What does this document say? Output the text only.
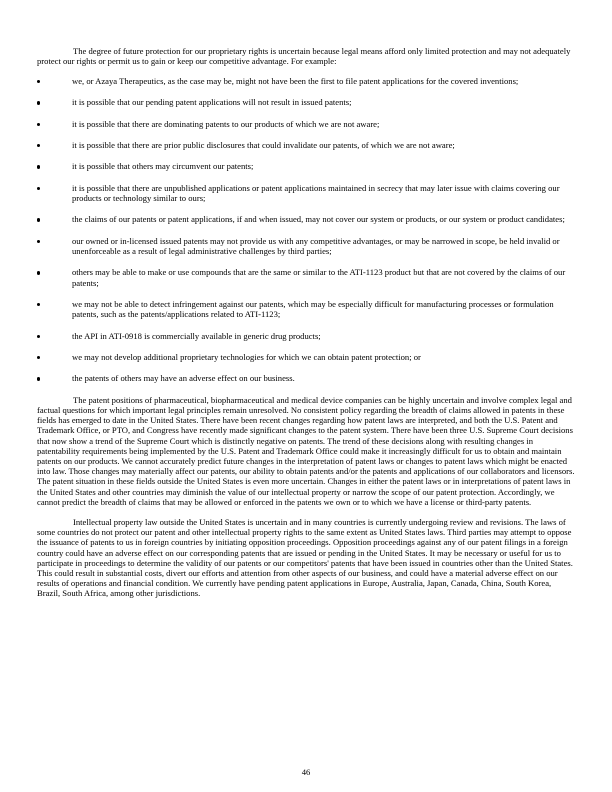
The degree of future protection for our proprietary rights is uncertain because legal means afford only limited protection and may not adequately protect our rights or permit us to gain or keep our competitive advantage. For example:

we, or Azaya Therapeutics, as the case may be, might not have been the first to file patent applications for the covered inventions;
it is possible that our pending patent applications will not result in issued patents;
it is possible that there are dominating patents to our products of which we are not aware;
it is possible that there are prior public disclosures that could invalidate our patents, of which we are not aware;
it is possible that others may circumvent our patents;
it is possible that there are unpublished applications or patent applications maintained in secrecy that may later issue with claims covering our products or technology similar to ours;
the claims of our patents or patent applications, if and when issued, may not cover our system or products, or our system or product candidates;
our owned or in-licensed issued patents may not provide us with any competitive advantages, or may be narrowed in scope, be held invalid or unenforceable as a result of legal administrative challenges by third parties;
others may be able to make or use compounds that are the same or similar to the ATI-1123 product but that are not covered by the claims of our patents;
we may not be able to detect infringement against our patents, which may be especially difficult for manufacturing processes or formulation patents, such as the patents/applications related to ATI-1123;
the API in ATI-0918 is commercially available in generic drug products;
we may not develop additional proprietary technologies for which we can obtain patent protection; or
the patents of others may have an adverse effect on our business.

The patent positions of pharmaceutical, biopharmaceutical and medical device companies can be highly uncertain and involve complex legal and factual questions for which important legal principles remain unresolved. No consistent policy regarding the breadth of claims allowed in patents in these fields has emerged to date in the United States. There have been recent changes regarding how patent laws are interpreted, and both the U.S. Patent and Trademark Office, or PTO, and Congress have recently made significant changes to the patent system. There have been three U.S. Supreme Court decisions that now show a trend of the Supreme Court which is distinctly negative on patents. The trend of these decisions along with resulting changes in patentability requirements being implemented by the U.S. Patent and Trademark Office could make it increasingly difficult for us to obtain and maintain patents on our products. We cannot accurately predict future changes in the interpretation of patent laws or changes to patent laws which might be enacted into law. Those changes may materially affect our patents, our ability to obtain patents and/or the patents and applications of our collaborators and licensors. The patent situation in these fields outside the United States is even more uncertain. Changes in either the patent laws or in interpretations of patent laws in the United States and other countries may diminish the value of our intellectual property or narrow the scope of our patent protection. Accordingly, we cannot predict the breadth of claims that may be allowed or enforced in the patents we own or to which we have a license or third-party patents.

Intellectual property law outside the United States is uncertain and in many countries is currently undergoing review and revisions. The laws of some countries do not protect our patent and other intellectual property rights to the same extent as United States laws. Third parties may attempt to oppose the issuance of patents to us in foreign countries by initiating opposition proceedings. Opposition proceedings against any of our patent filings in a foreign country could have an adverse effect on our corresponding patents that are issued or pending in the United States. It may be necessary or useful for us to participate in proceedings to determine the validity of our patents or our competitors' patents that have been issued in countries other than the United States. This could result in substantial costs, divert our efforts and attention from other aspects of our business, and could have a material adverse effect on our results of operations and financial condition. We currently have pending patent applications in Europe, Australia, Japan, Canada, China, South Korea, Brazil, South Africa, among other jurisdictions.

46
